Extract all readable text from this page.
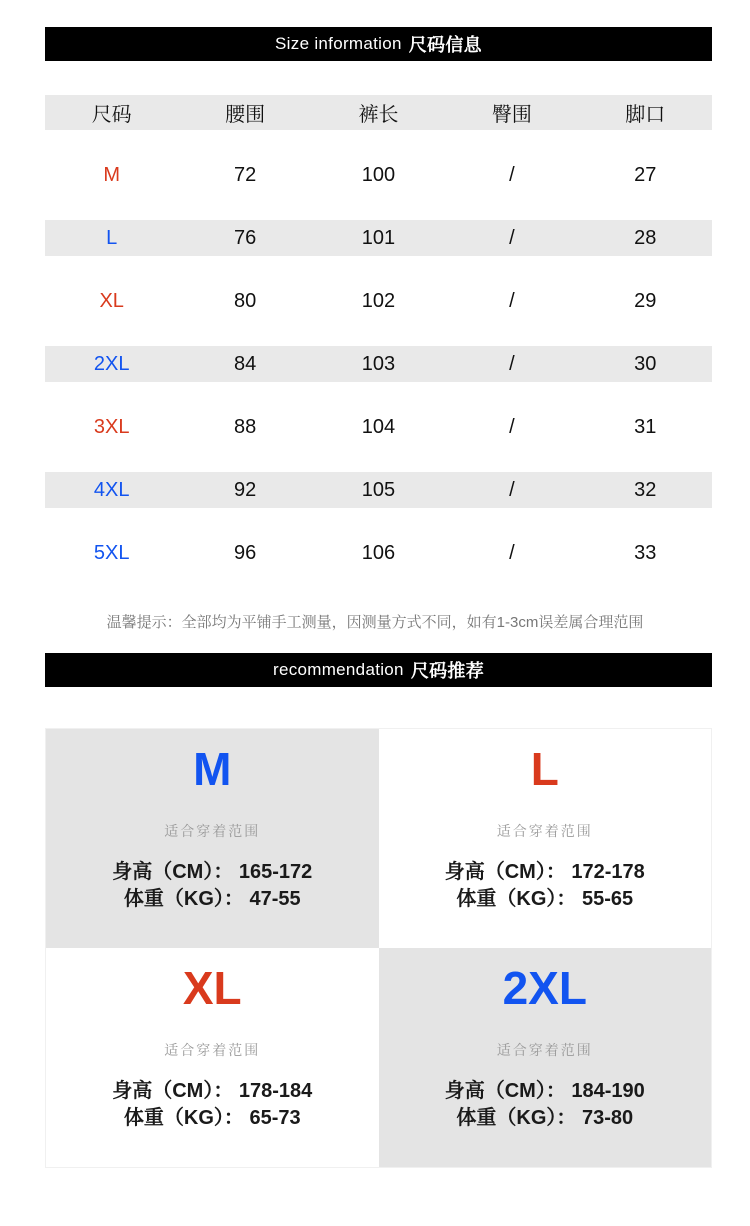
Size information 尺码信息
尺码	腰围	裤长	臀围	脚口
M	72	100	/	27
L	76	101	/	28
XL	80	102	/	29
2XL	84	103	/	30
3XL	88	104	/	31
4XL	92	105	/	32
5XL	96	106	/	33
温馨提示：全部均为平铺手工测量，因测量方式不同，如有1-3cm误差属合理范围
recommendation 尺码推荐
M
适合穿着范围
身高（CM）： 165-172
体重（KG）： 47-55
L
适合穿着范围
身高（CM）： 172-178
体重（KG）： 55-65
XL
适合穿着范围
身高（CM）： 178-184
体重（KG）： 65-73
2XL
适合穿着范围
身高（CM）： 184-190
体重（KG）： 73-80
